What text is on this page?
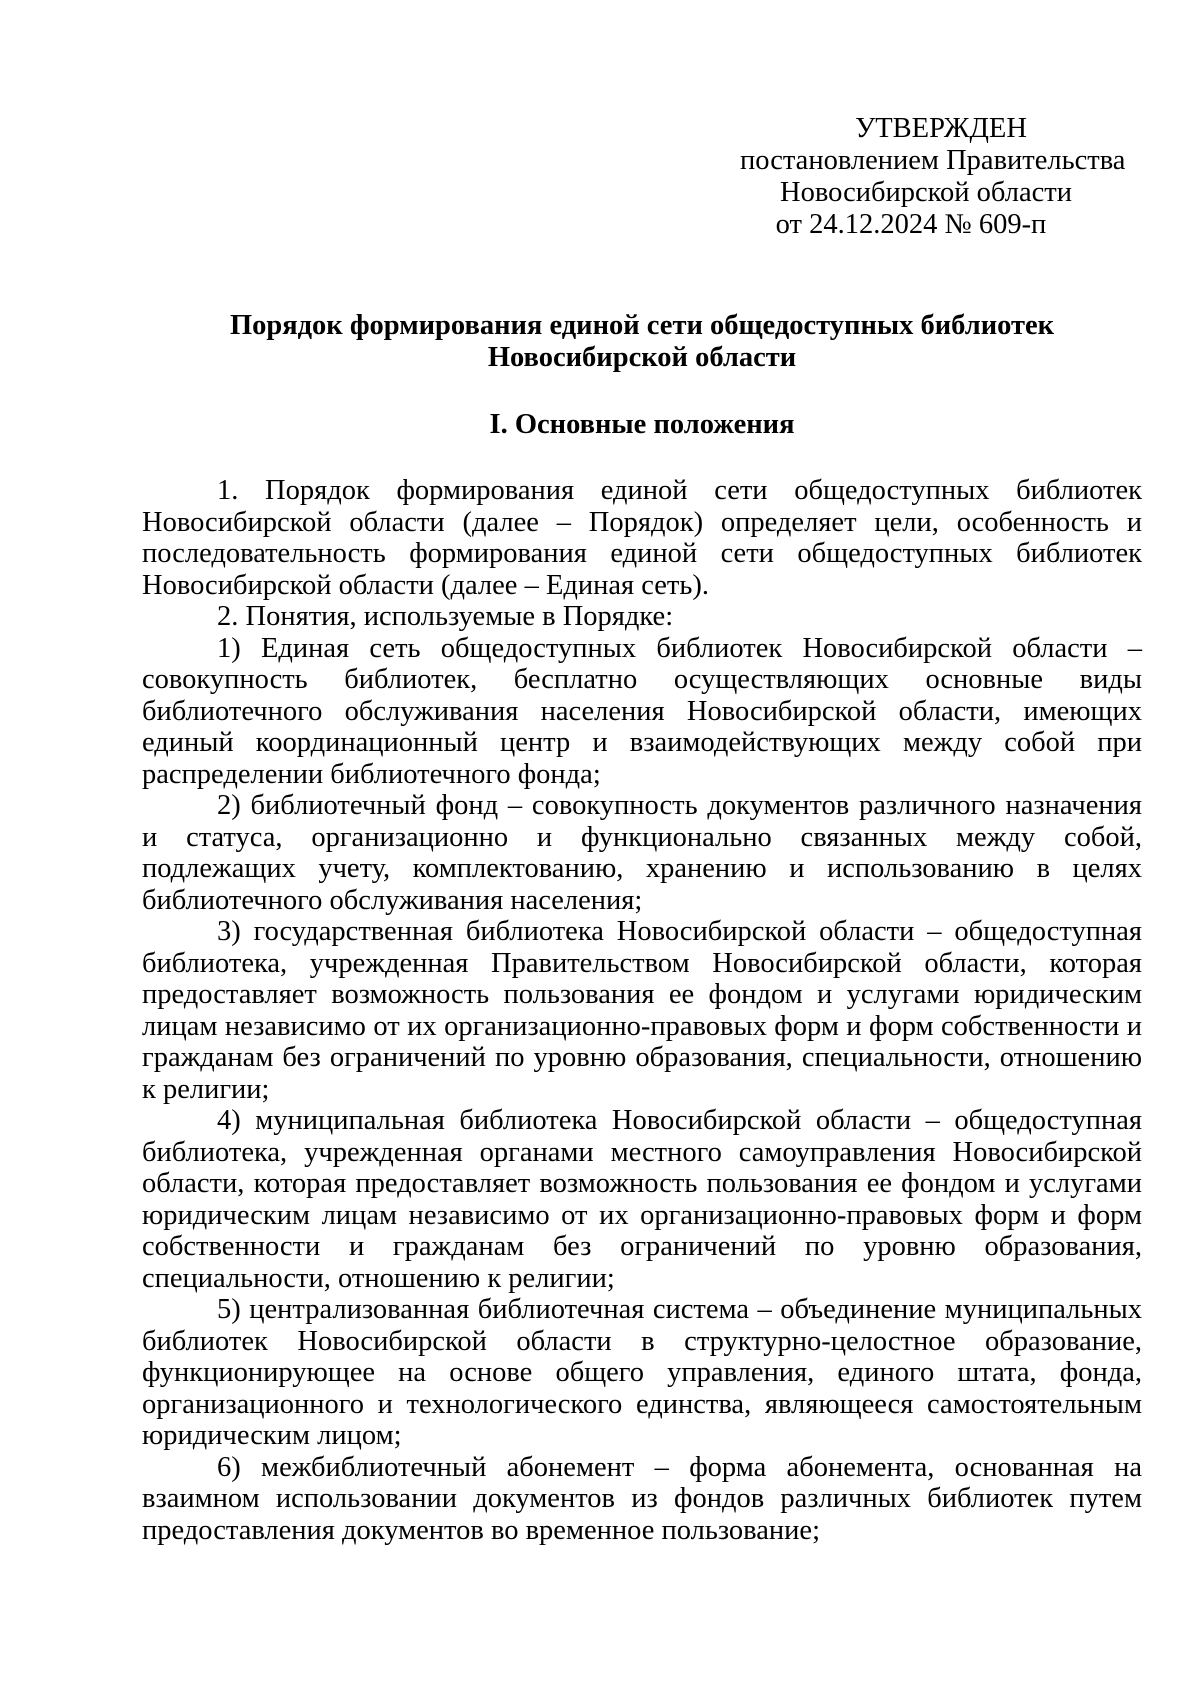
УТВЕРЖДЕН
постановлением Правительства
Новосибирской области
от 24.12.2024 № 609-п
Порядок формирования единой сети общедоступных библиотек
Новосибирской области
I. Основные положения

1. Порядок формирования единой сети общедоступных библиотек Новосибирской области (далее – Порядок) определяет цели, особенность и последовательность формирования единой сети общедоступных библиотек Новосибирской области (далее – Единая сеть).

2. Понятия, используемые в Порядке:

1) Единая сеть общедоступных библиотек Новосибирской области – совокупность библиотек, бесплатно осуществляющих основные виды библиотечного обслуживания населения Новосибирской области, имеющих единый координационный центр и взаимодействующих между собой при распределении библиотечного фонда;

2) библиотечный фонд – совокупность документов различного назначения и статуса, организационно и функционально связанных между собой, подлежащих учету, комплектованию, хранению и использованию в целях библиотечного обслуживания населения;

3) государственная библиотека Новосибирской области – общедоступная библиотека, учрежденная Правительством Новосибирской области, которая предоставляет возможность пользования ее фондом и услугами юридическим лицам независимо от их организационно-правовых форм и форм собственности и гражданам без ограничений по уровню образования, специальности, отношению к религии;

4) муниципальная библиотека Новосибирской области – общедоступная библиотека, учрежденная органами местного самоуправления Новосибирской области, которая предоставляет возможность пользования ее фондом и услугами юридическим лицам независимо от их организационно-правовых форм и форм собственности и гражданам без ограничений по уровню образования, специальности, отношению к религии;

5) централизованная библиотечная система – объединение муниципальных библиотек Новосибирской области в структурно-целостное образование, функционирующее на основе общего управления, единого штата, фонда, организационного и технологического единства, являющееся самостоятельным юридическим лицом;

6) межбиблиотечный абонемент – форма абонемента, основанная на взаимном использовании документов из фондов различных библиотек путем предоставления документов во временное пользование;
